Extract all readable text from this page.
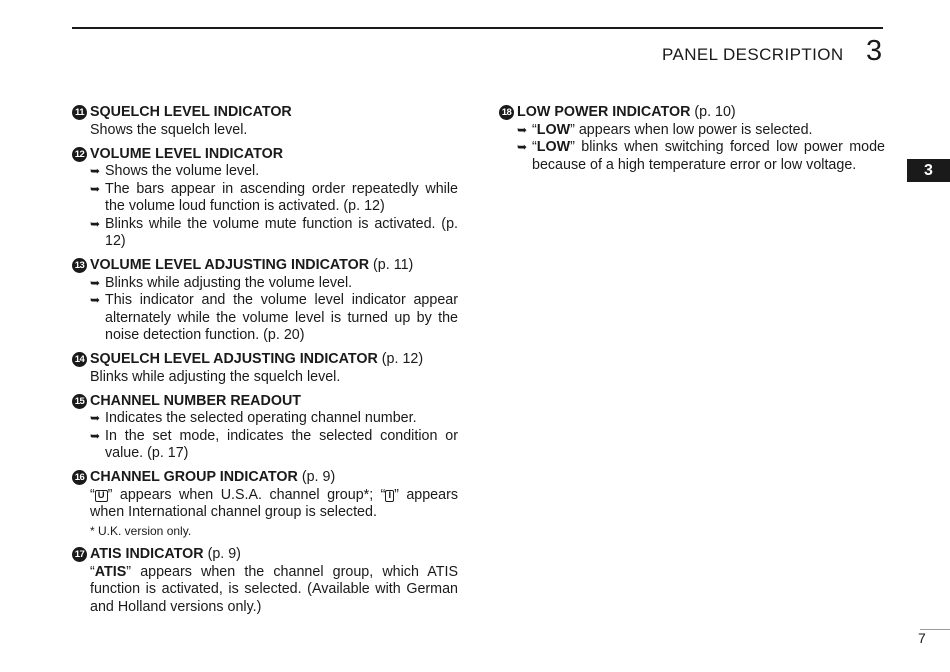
PANEL DESCRIPTION 3
3
11 SQUELCH LEVEL INDICATOR
Shows the squelch level.
12 VOLUME LEVEL INDICATOR
➥ Shows the volume level.
➥ The bars appear in ascending order repeatedly while the volume loud function is activated. (p. 12)
➥ Blinks while the volume mute function is activated. (p. 12)
13 VOLUME LEVEL ADJUSTING INDICATOR (p. 11)
➥ Blinks while adjusting the volume level.
➥ This indicator and the volume level indicator appear alternately while the volume level is turned up by the noise detection function. (p. 20)
14 SQUELCH LEVEL ADJUSTING INDICATOR (p. 12)
Blinks while adjusting the squelch level.
15 CHANNEL NUMBER READOUT
➥ Indicates the selected operating channel number.
➥ In the set mode, indicates the selected condition or value. (p. 17)
16 CHANNEL GROUP INDICATOR (p. 9)
“ U ” appears when U.S.A. channel group*; “ I ” appears when International channel group is selected.
* U.K. version only.
17 ATIS INDICATOR (p. 9)
“ATIS” appears when the channel group, which ATIS function is activated, is selected. (Available with German and Holland versions only.)
18 LOW POWER INDICATOR (p. 10)
➥ “LOW” appears when low power is selected.
➥ “LOW” blinks when switching forced low power mode because of a high temperature error or low voltage.
7
